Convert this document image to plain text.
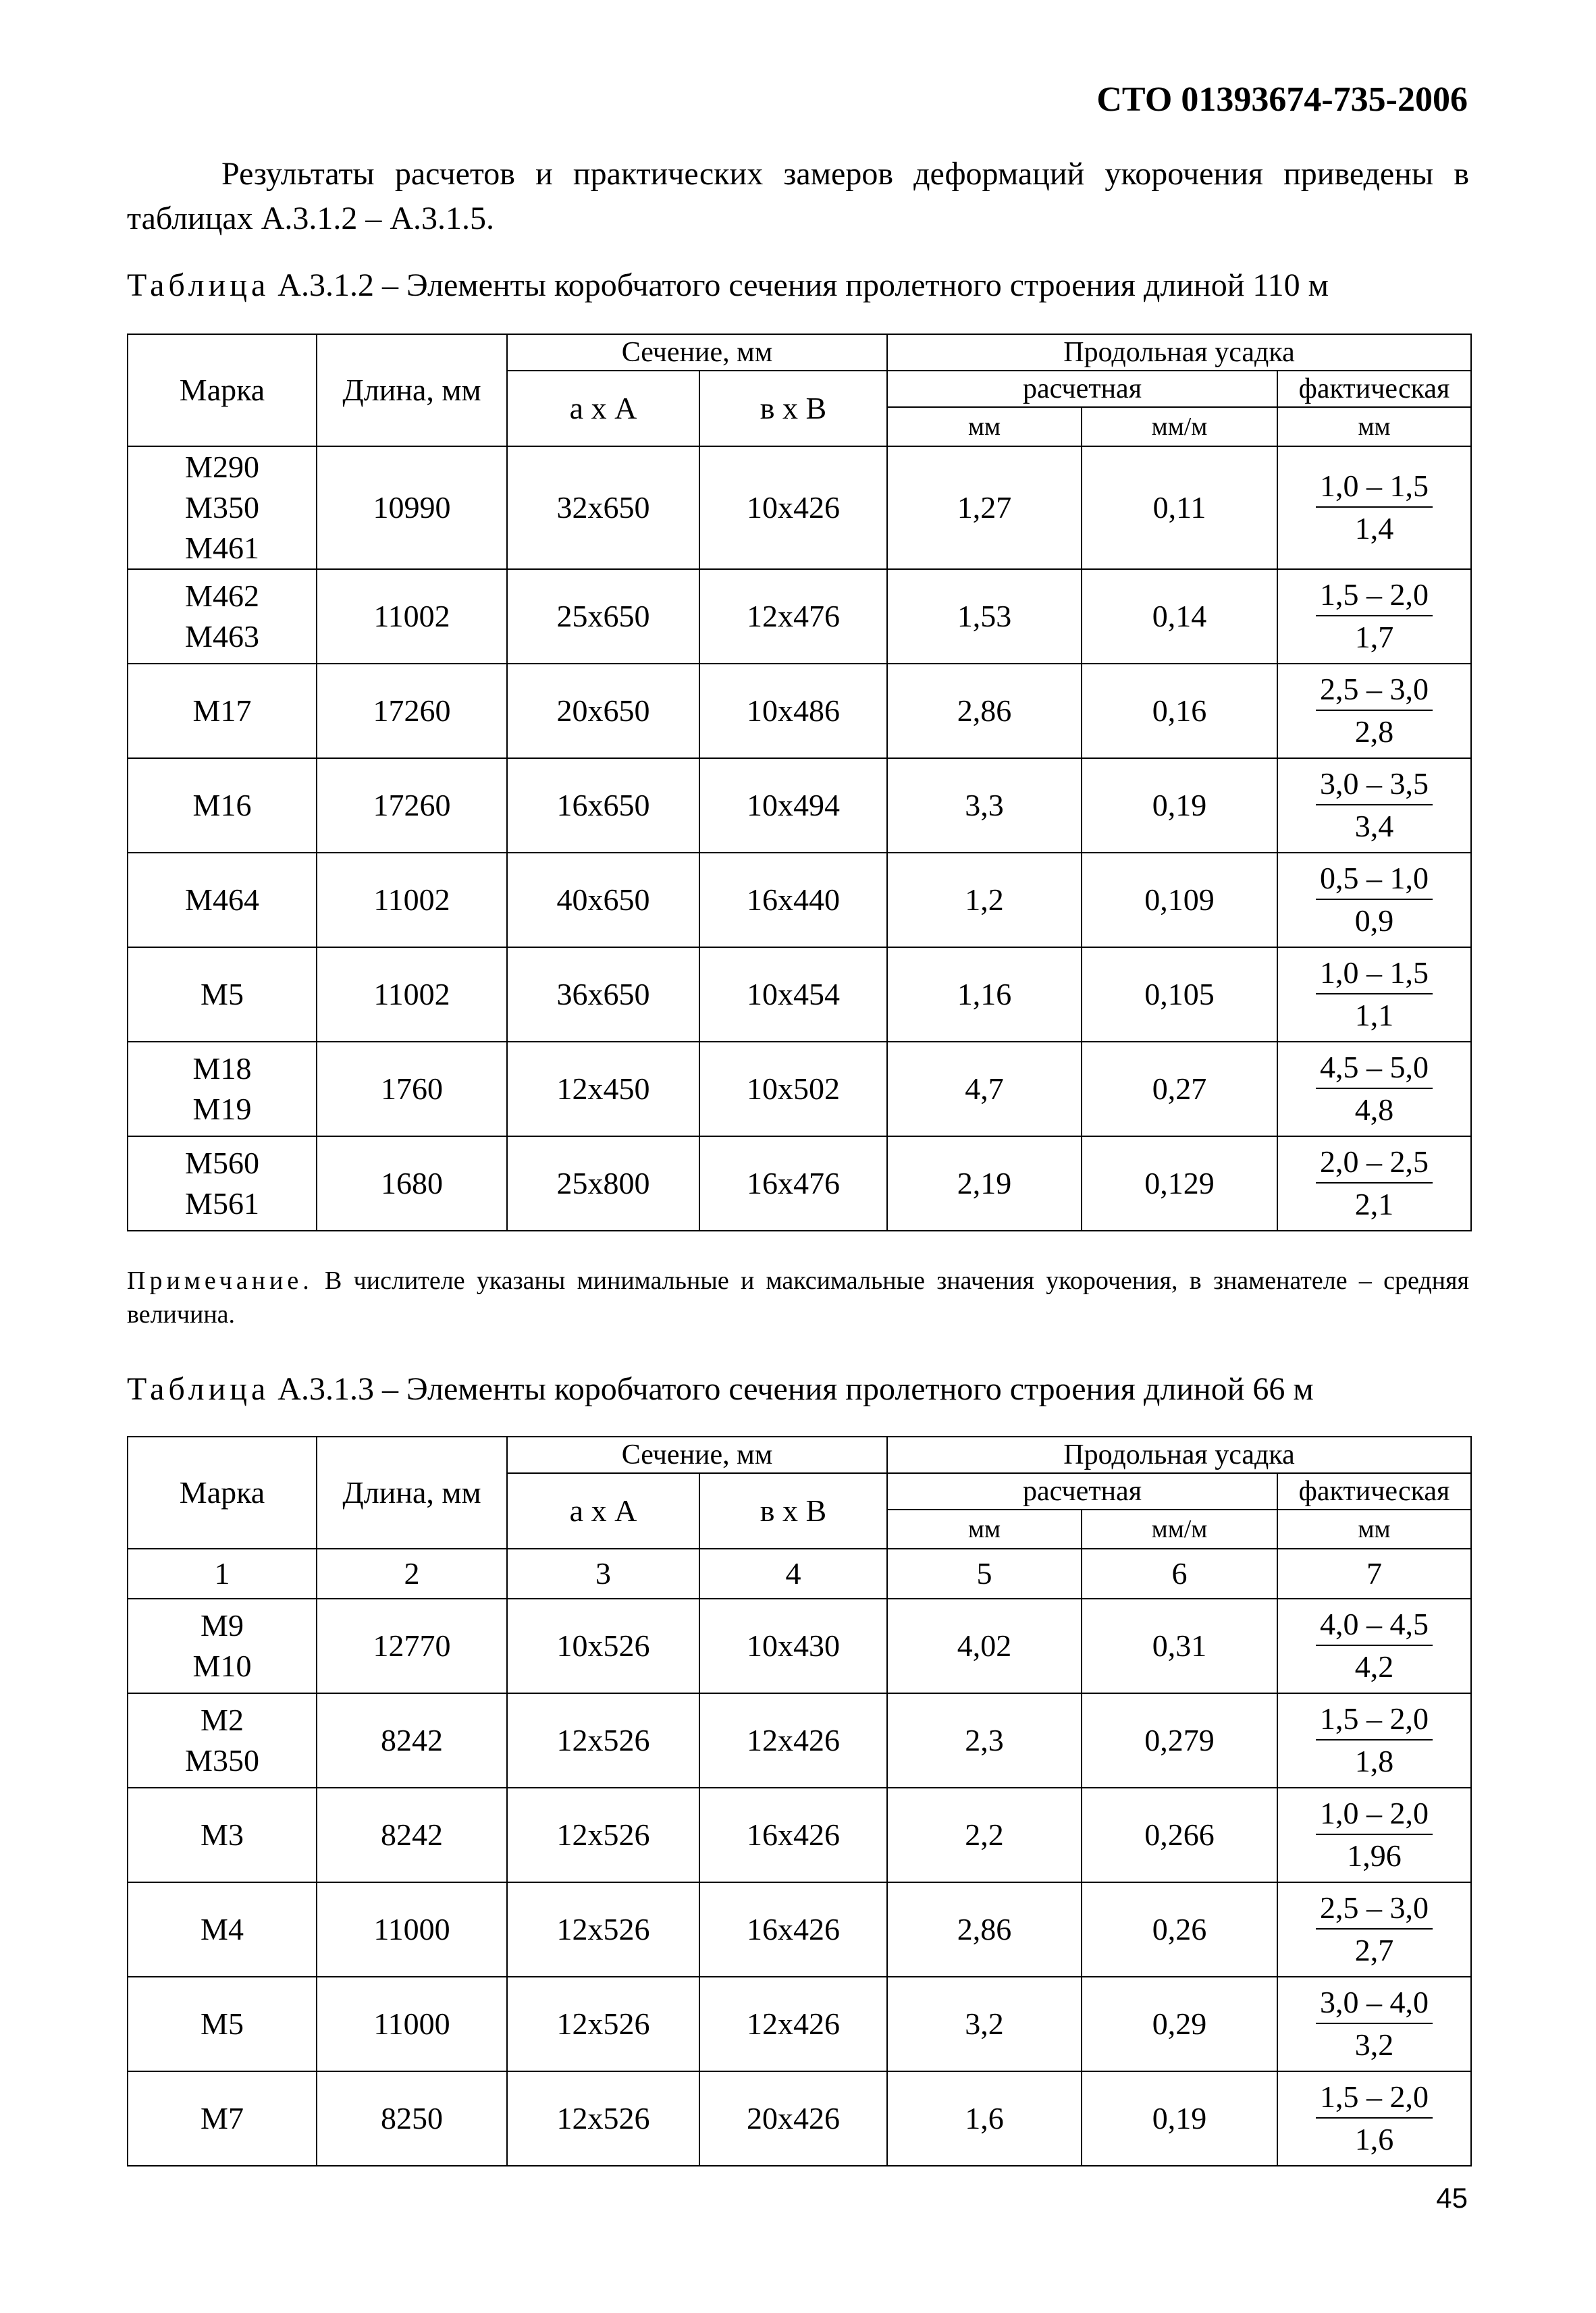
СТО 01393674-735-2006
Результаты расчетов и практических замеров деформаций укорочения приведены в таблицах А.3.1.2 – А.3.1.5.
Таблица А.3.1.2 – Элементы коробчатого сечения пролетного строения длиной 110 м
Марка	Длина, мм	Сечение, мм		Продольная усадка		
		а х А	в х В	расчетная		фактическая
				мм	мм/м	мм
М290
М350
М461	10990	32х650	10х426	1,27	0,11	$\frac{1,0 - 1,5}{1,4}$

М462
М463	11002	25х650	12х476	1,53	0,14	$\frac{1,5 - 2,0}{1,7}$

М17	17260	20х650	10х486	2,86	0,16	$\frac{2,5 - 3,0}{2,8}$

М16	17260	16х650	10х494	3,3	0,19	$\frac{3,0 - 3,5}{3,4}$

М464	11002	40х650	16х440	1,2	0,109	$\frac{0,5 - 1,0}{0,9}$

М5	11002	36х650	10х454	1,16	0,105	$\frac{1,0 - 1,5}{1,1}$

М18
М19	1760	12х450	10х502	4,7	0,27	$\frac{4,5 - 5,0}{4,8}$

М560
М561	1680	25х800	16х476	2,19	0,129	$\frac{2,0 - 2,5}{2,1}$
Примечание. В числителе указаны минимальные и максимальные значения укорочения, в знаменателе – средняя величина.
Таблица А.3.1.3 – Элементы коробчатого сечения пролетного строения длиной 66 м
Марка	Длина, мм	Сечение, мм		Продольная усадка		
		а х А	в х В	расчетная		фактическая
				мм	мм/м	мм
1	2	3	4	5	6	7
М9
М10	12770	10х526	10х430	4,02	0,31	$\frac{4,0 - 4,5}{4,2}$

М2
М350	8242	12х526	12х426	2,3	0,279	$\frac{1,5 - 2,0}{1,8}$

М3	8242	12х526	16х426	2,2	0,266	$\frac{1,0 - 2,0}{1,96}$

М4	11000	12х526	16х426	2,86	0,26	$\frac{2,5 - 3,0}{2,7}$

М5	11000	12х526	12х426	3,2	0,29	$\frac{3,0 - 4,0}{3,2}$

М7	8250	12х526	20х426	1,6	0,19	$\frac{1,5 - 2,0}{1,6}$
45
